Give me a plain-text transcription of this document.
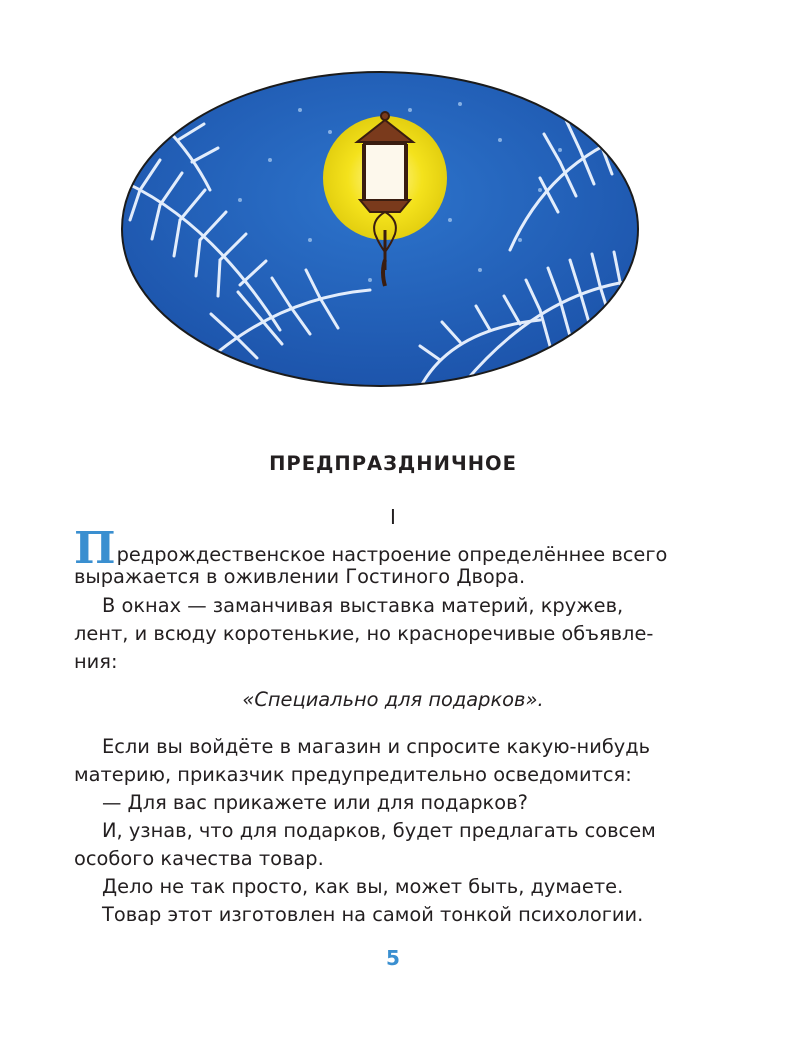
ПРЕДПРАЗДНИЧНОЕ
I
Предрождественское настроение определённее всего
выражается в оживлении Гостиного Двора.
В окнах — заманчивая выставка материй, кружев,
лент, и всюду коротенькие, но красноречивые объявле-
ния:
«Специально для подарков».
Если вы войдёте в магазин и спросите какую-нибудь
материю, приказчик предупредительно осведомится:
— Для вас прикажете или для подарков?
И, узнав, что для подарков, будет предлагать совсем
особого качества товар.
Дело не так просто, как вы, может быть, думаете.
Товар этот изготовлен на самой тонкой психологии.
5
